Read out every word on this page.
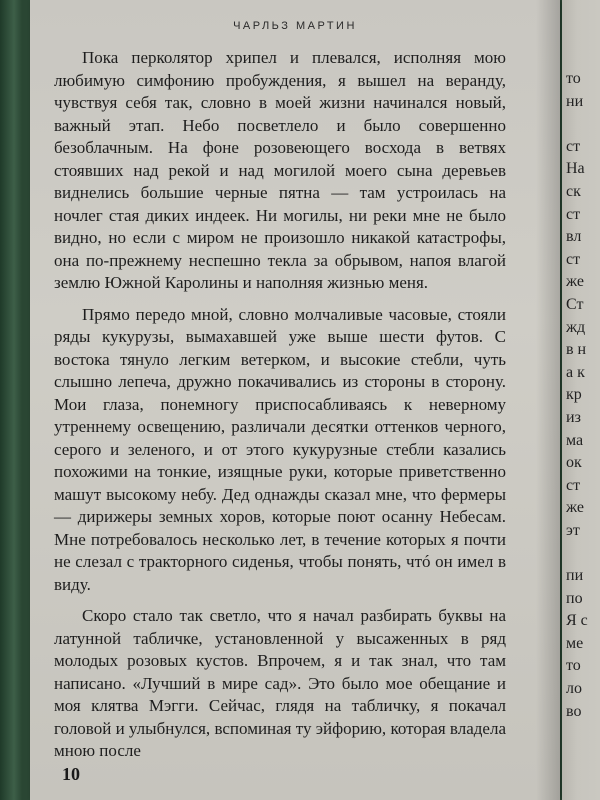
ЧАРЛЬЗ МАРТИН

Пока перколятор хрипел и плевался, исполняя мою любимую симфонию пробуждения, я вышел на веранду, чувствуя себя так, словно в моей жизни начинался новый, важный этап. Небо посветлело и было совершенно безоблачным. На фоне розовеющего восхода в ветвях стоявших над рекой и над могилой моего сына деревьев виднелись большие черные пятна — там устроилась на ночлег стая диких индеек. Ни могилы, ни реки мне не было видно, но если с миром не произошло никакой катастрофы, она по-прежнему неспешно текла за обрывом, напоя влагой землю Южной Каролины и наполняя жизнью меня.

Прямо передо мной, словно молчаливые часовые, стояли ряды кукурузы, вымахавшей уже выше шести футов. С востока тянуло легким ветерком, и высокие стебли, чуть слышно лепеча, дружно покачивались из стороны в сторону. Мои глаза, понемногу приспосабливаясь к неверному утреннему освещению, различали десятки оттенков черного, серого и зеленого, и от этого кукурузные стебли казались похожими на тонкие, изящные руки, которые приветственно машут высокому небу. Дед однажды сказал мне, что фермеры — дирижеры земных хоров, которые поют осанну Небесам. Мне потребовалось несколько лет, в течение которых я почти не слезал с тракторного сиденья, чтобы понять, чтó он имел в виду.

Скоро стало так светло, что я начал разбирать буквы на латунной табличке, установленной у высаженных в ряд молодых розовых кустов. Впрочем, я и так знал, что там написано. «Лучший в мире сад». Это было мое обещание и моя клятва Мэгги. Сейчас, глядя на табличку, я покачал головой и улыбнулся, вспоминая ту эйфорию, которая владела мною после

10
то
ни
ст
На
ск
ст
вл
ст
же
Ст
жд
в н
а к
кр
из
ма
ок
ст
же
эт
пи
по
Я с
ме
то
ло
во
